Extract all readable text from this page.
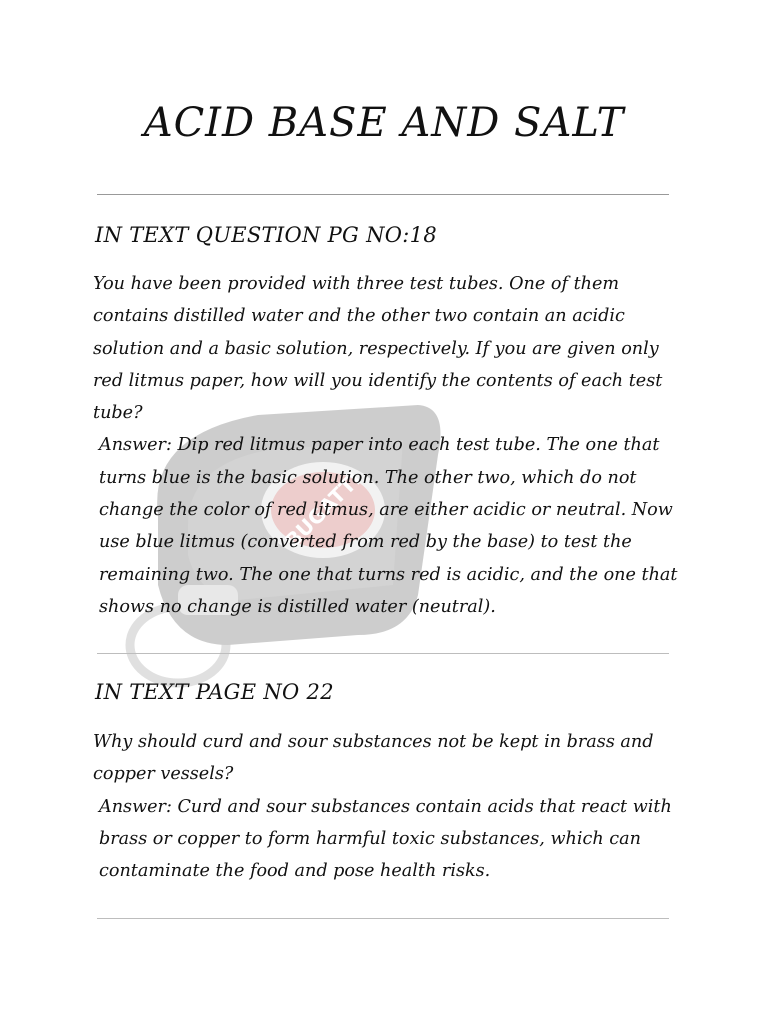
BUGATTI
ACID BASE AND SALT
IN TEXT QUESTION PG NO:18
You have been provided with three test tubes. One of them contains distilled water and the other two contain an acidic solution and a basic solution, respectively. If you are given only red litmus paper, how will you identify the contents of each test tube?
Answer: Dip red litmus paper into each test tube. The one that turns blue is the basic solution. The other two, which do not change the color of red litmus, are either acidic or neutral. Now use blue litmus (converted from red by the base) to test the remaining two. The one that turns red is acidic, and the one that shows no change is distilled water (neutral).
IN TEXT PAGE NO 22
Why should curd and sour substances not be kept in brass and copper vessels?
Answer: Curd and sour substances contain acids that react with brass or copper to form harmful toxic substances, which can contaminate the food and pose health risks.
